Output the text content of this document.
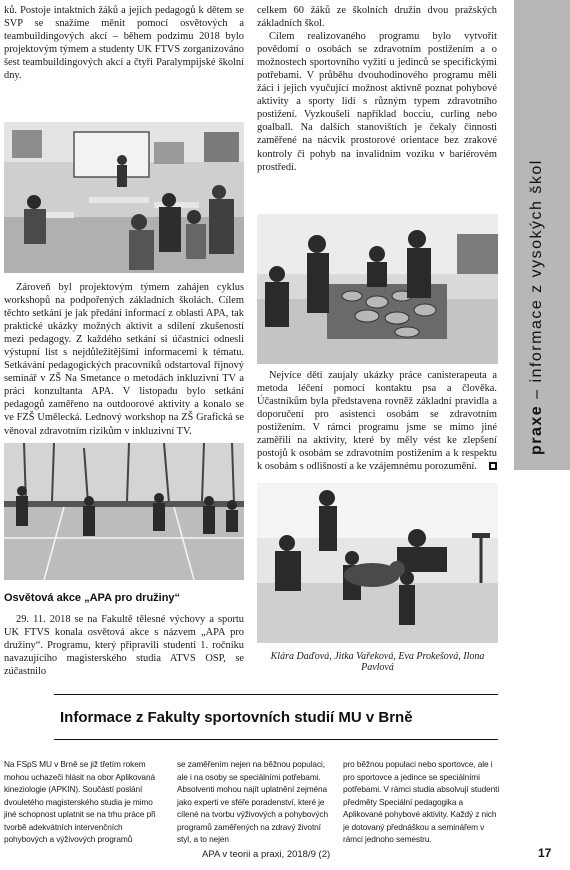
praxe – informace z vysokých škol

ků. Postoje intaktních žáků a jejich pedagogů k dětem se SVP se snažíme měnit pomocí osvětových a teambuildingových akcí – během podzimu 2018 bylo projektovým týmem a studenty UK FTVS zorganizováno šest teambuildingových akcí a čtyři Paralympijské školní dny.

Zároveň byl projektovým týmem zahájen cyklus workshopů na podpořených základních školách. Cílem těchto setkání je jak předání informací z oblasti APA, tak praktické ukázky možných aktivit a sdílení zkušeností mezi pedagogy. Z každého setkání si účastníci odnesli výstupní list s nejdůležitějšími informacemi k tématu. Setkávání pedagogických pracovníků odstartoval říjnový seminář v ZŠ Na Smetance o metodách inkluzivní TV a práci konzultanta APA. V listopadu bylo setkání pedagogů zaměřeno na outdoorové aktivity a konalo se ve FZŠ Umělecká. Lednový workshop na ZŠ Grafická se věnoval zdravotním rizikům v inkluzivní TV.

Osvětová akce „APA pro družiny“

29. 11. 2018 se na Fakultě tělesné výchovy a sportu UK FTVS konala osvětová akce s názvem „APA pro družiny“. Programu, který připravili studenti 1. ročníku navazujícího magisterského studia ATVS OSP, se zúčastnilo

celkem 60 žáků ze školních družin dvou pražských základních škol.

Cílem realizovaného programu bylo vytvořit povědomí o osobách se zdravotním postižením a o možnostech sportovního vyžití u jedinců se specifickými potřebami. V průběhu dvouhodinového programu měli žáci i jejich vyučující možnost aktivně poznat pohybové aktivity a sporty lidí s různým typem zdravotního postižení. Vyzkoušeli například bocciu, curling nebo goalball. Na dalších stanovištích je čekaly činnosti zaměřené na nácvik prostorové orientace bez zrakové kontroly či pohyb na invalidním vozíku v bariérovém prostředí.

Nejvíce dětí zaujaly ukázky práce canisterapeuta a metoda léčení pomocí kontaktu psa a člověka. Účastníkům byla představena rovněž základní pravidla a doporučení pro asistenci osobám se zdravotním postižením. V rámci programu jsme se mimo jiné zaměřili na aktivity, které by měly vést ke zlepšení postojů k osobám se zdravotním postižením a k respektu k osobám s odlišností a ke vzájemnému porozumění.

Klára Daďová, Jitka Vařeková, Eva Prokešová, Ilona Pavlová
Informace z Fakulty sportovních studií MU v Brně
Na FSpS MU v Brně se již třetím rokem mohou uchazeči hlásit na obor Aplikovaná kineziologie (APKIN). Součástí poslání dvouletého magisterského studia je mimo jiné schopnost uplatnit se na trhu práce při tvorbě adekvátních intervenčních pohybových a výživových programů
se zaměřením nejen na běžnou populaci, ale i na osoby se speciálními potřebami. Absolventi mohou najít uplatnění zejména jako experti ve sféře poradenství, které je cílené na tvorbu výživových a pohybových programů zaměřených na zdravý životní styl, a to nejen
pro běžnou populaci nebo sportovce, ale i pro sportovce a jedince se speciálními potřebami. V rámci studia absolvují studenti předměty Speciální pedagogika a Aplikované pohybové aktivity. Každý z nich je dotovaný přednáškou a seminářem v rámci jednoho semestru.
APA v teorii a praxi, 2018/9 (2)	17
